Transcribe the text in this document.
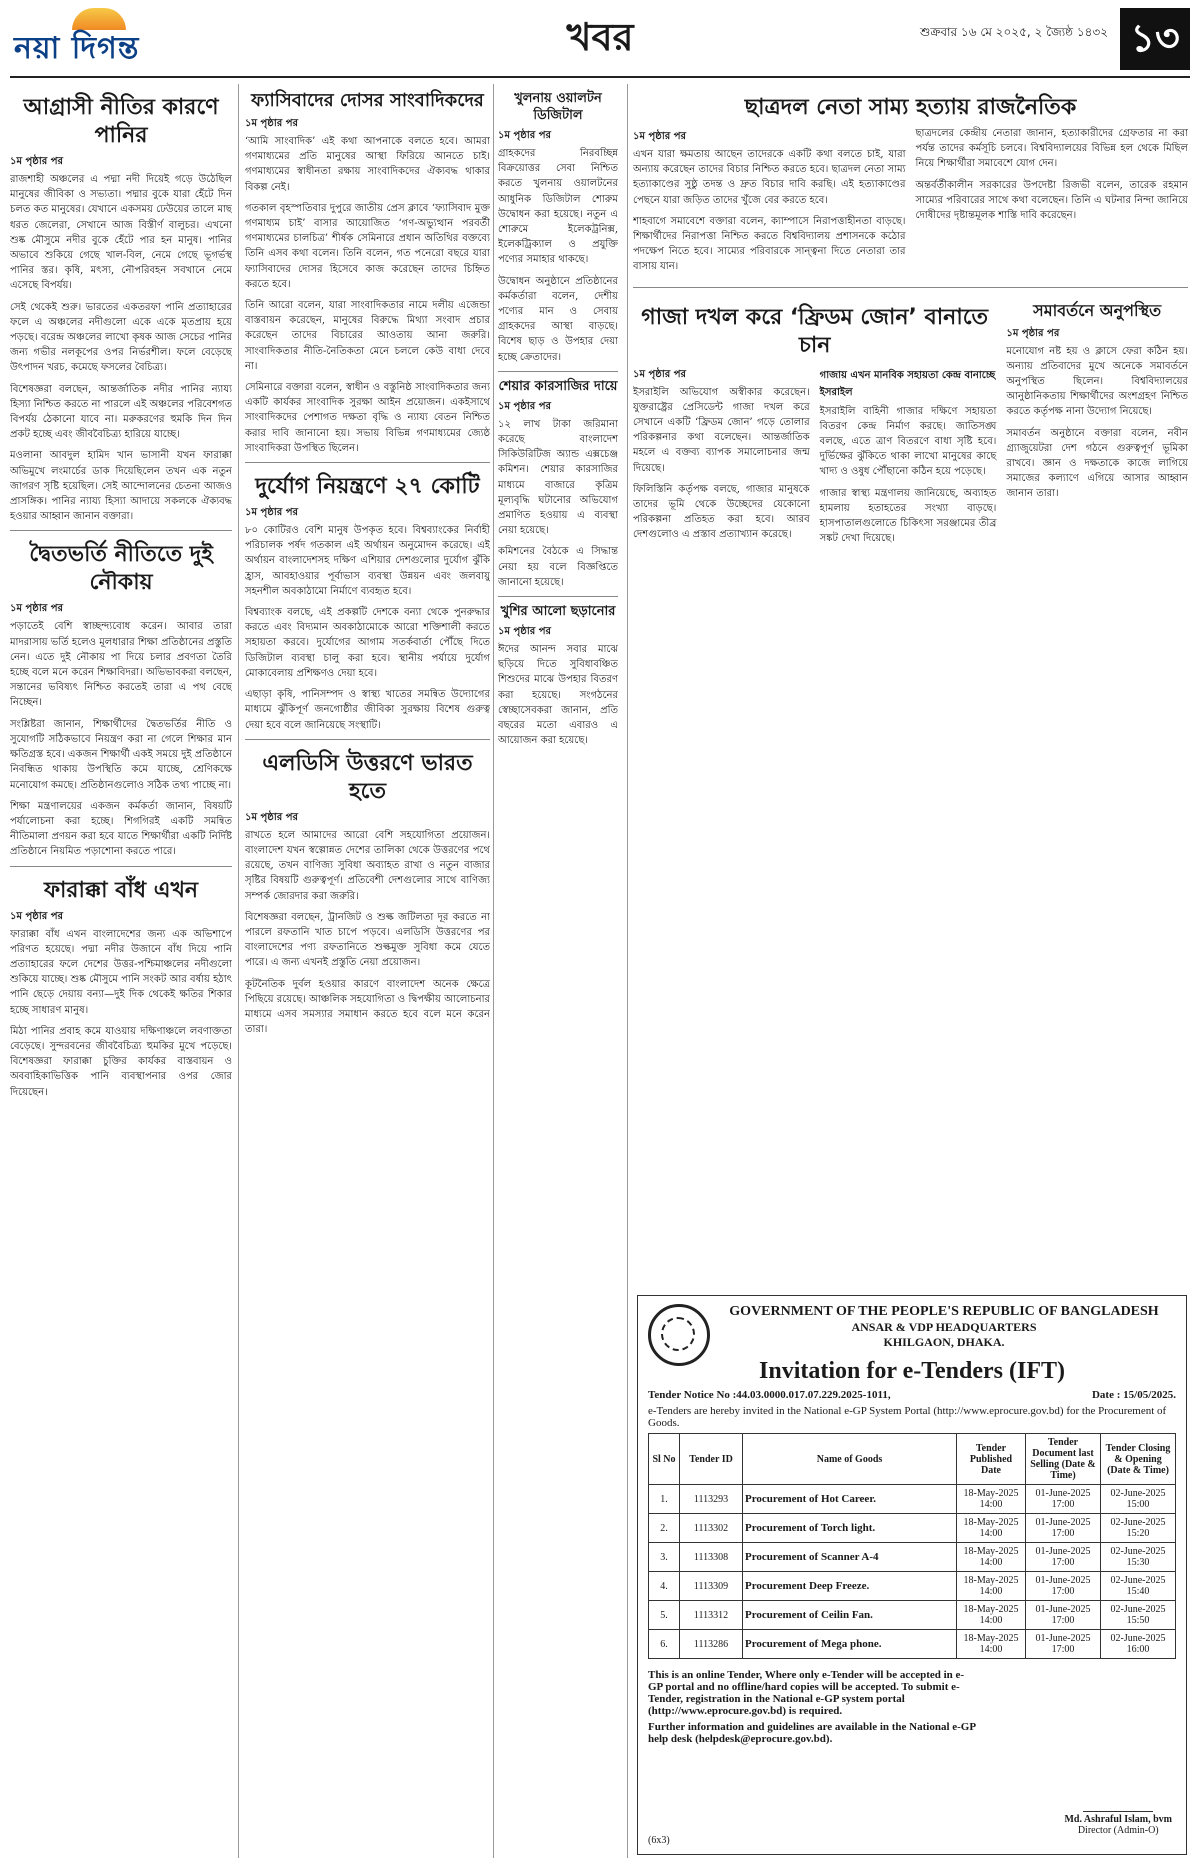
নয়া দিগন্ত	খবর	শুক্রবার ১৬ মে ২০২৫, ২ জ্যৈষ্ঠ ১৪৩২ ১৩
আগ্রাসী নীতির কারণে পানির
১ম পৃষ্ঠার পর

রাজশাহী অঞ্চলের এ পদ্মা নদী দিয়েই গড়ে উঠেছিল মানুষের জীবিকা ও সভ্যতা। পদ্মার বুকে যারা হেঁটে দিন চলত কত মানুষের। যেখানে একসময় ঢেউয়ের তালে মাছ ধরত জেলেরা, সেখানে আজ বিস্তীর্ণ বালুচর। এখনো শুষ্ক মৌসুমে নদীর বুকে হেঁটে পার হন মানুষ। পানির অভাবে শুকিয়ে গেছে খাল-বিল, নেমে গেছে ভূগর্ভস্থ পানির স্তর। কৃষি, মৎস্য, নৌপরিবহন সবখানে নেমে এসেছে বিপর্যয়।

সেই থেকেই শুরু। ভারতের একতরফা পানি প্রত্যাহারের ফলে এ অঞ্চলের নদীগুলো একে একে মৃতপ্রায় হয়ে পড়ছে। বরেন্দ্র অঞ্চলের লাখো কৃষক আজ সেচের পানির জন্য গভীর নলকূপের ওপর নির্ভরশীল। ফলে বেড়েছে উৎপাদন খরচ, কমেছে ফসলের বৈচিত্র্য।

বিশেষজ্ঞরা বলছেন, আন্তর্জাতিক নদীর পানির ন্যায্য হিস্যা নিশ্চিত করতে না পারলে এই অঞ্চলের পরিবেশগত বিপর্যয় ঠেকানো যাবে না। মরুকরণের হুমকি দিন দিন প্রকট হচ্ছে এবং জীববৈচিত্র্য হারিয়ে যাচ্ছে।

মওলানা আবদুল হামিদ খান ভাসানী যখন ফারাক্কা অভিমুখে লংমার্চের ডাক দিয়েছিলেন তখন এক নতুন জাগরণ সৃষ্টি হয়েছিল। সেই আন্দোলনের চেতনা আজও প্রাসঙ্গিক। পানির ন্যায্য হিস্যা আদায়ে সকলকে ঐক্যবদ্ধ হওয়ার আহ্বান জানান বক্তারা।

দ্বৈতভর্তি নীতিতে দুই নৌকায়
১ম পৃষ্ঠার পর

পড়াতেই বেশি স্বাচ্ছন্দ্যবোধ করেন। আবার তারা মাদরাসায় ভর্তি হলেও মূলধারার শিক্ষা প্রতিষ্ঠানের প্রস্তুতি নেন। এতে দুই নৌকায় পা দিয়ে চলার প্রবণতা তৈরি হচ্ছে বলে মনে করেন শিক্ষাবিদরা। অভিভাবকরা বলছেন, সন্তানের ভবিষ্যৎ নিশ্চিত করতেই তারা এ পথ বেছে নিচ্ছেন।

সংশ্লিষ্টরা জানান, শিক্ষার্থীদের দ্বৈতভর্তির নীতি ও সুযোগটি সঠিকভাবে নিয়ন্ত্রণ করা না গেলে শিক্ষার মান ক্ষতিগ্রস্ত হবে। একজন শিক্ষার্থী একই সময়ে দুই প্রতিষ্ঠানে নিবন্ধিত থাকায় উপস্থিতি কমে যাচ্ছে, শ্রেণিকক্ষে মনোযোগ কমছে। প্রতিষ্ঠানগুলোও সঠিক তথ্য পাচ্ছে না।

শিক্ষা মন্ত্রণালয়ের একজন কর্মকর্তা জানান, বিষয়টি পর্যালোচনা করা হচ্ছে। শিগগিরই একটি সমন্বিত নীতিমালা প্রণয়ন করা হবে যাতে শিক্ষার্থীরা একটি নির্দিষ্ট প্রতিষ্ঠানে নিয়মিত পড়াশোনা করতে পারে।

ফারাক্কা বাঁধ এখন
১ম পৃষ্ঠার পর

ফারাক্কা বাঁধ এখন বাংলাদেশের জন্য এক অভিশাপে পরিণত হয়েছে। পদ্মা নদীর উজানে বাঁধ দিয়ে পানি প্রত্যাহারের ফলে দেশের উত্তর-পশ্চিমাঞ্চলের নদীগুলো শুকিয়ে যাচ্ছে। শুষ্ক মৌসুমে পানি সংকট আর বর্ষায় হঠাৎ পানি ছেড়ে দেয়ায় বন্যা—দুই দিক থেকেই ক্ষতির শিকার হচ্ছে সাধারণ মানুষ।

মিঠা পানির প্রবাহ কমে যাওয়ায় দক্ষিণাঞ্চলে লবণাক্ততা বেড়েছে। সুন্দরবনের জীববৈচিত্র্য হুমকির মুখে পড়েছে। বিশেষজ্ঞরা ফারাক্কা চুক্তির কার্যকর বাস্তবায়ন ও অববাহিকাভিত্তিক পানি ব্যবস্থাপনার ওপর জোর দিয়েছেন।

ফ্যাসিবাদের দোসর সাংবাদিকদের
১ম পৃষ্ঠার পর

‘আমি সাংবাদিক’ এই কথা আপনাকে বলতে হবে। আমরা গণমাধ্যমের প্রতি মানুষের আস্থা ফিরিয়ে আনতে চাই। গণমাধ্যমের স্বাধীনতা রক্ষায় সাংবাদিকদের ঐক্যবদ্ধ থাকার বিকল্প নেই।

গতকাল বৃহস্পতিবার দুপুরে জাতীয় প্রেস ক্লাবে ‘ফ্যাসিবাদ মুক্ত গণমাধ্যম চাই’ বাসার আয়োজিত ‘গণ-অভ্যুত্থান পরবর্তী গণমাধ্যমের চালচিত্র’ শীর্ষক সেমিনারে প্রধান অতিথির বক্তব্যে তিনি এসব কথা বলেন। তিনি বলেন, গত পনেরো বছরে যারা ফ্যাসিবাদের দোসর হিসেবে কাজ করেছেন তাদের চিহ্নিত করতে হবে।

তিনি আরো বলেন, যারা সাংবাদিকতার নামে দলীয় এজেন্ডা বাস্তবায়ন করেছেন, মানুষের বিরুদ্ধে মিথ্যা সংবাদ প্রচার করেছেন তাদের বিচারের আওতায় আনা জরুরি। সাংবাদিকতার নীতি-নৈতিকতা মেনে চললে কেউ বাধা দেবে না।

সেমিনারে বক্তারা বলেন, স্বাধীন ও বস্তুনিষ্ঠ সাংবাদিকতার জন্য একটি কার্যকর সাংবাদিক সুরক্ষা আইন প্রয়োজন। একইসাথে সাংবাদিকদের পেশাগত দক্ষতা বৃদ্ধি ও ন্যায্য বেতন নিশ্চিত করার দাবি জানানো হয়। সভায় বিভিন্ন গণমাধ্যমের জ্যেষ্ঠ সাংবাদিকরা উপস্থিত ছিলেন।

দুর্যোগ নিয়ন্ত্রণে ২৭ কোটি
১ম পৃষ্ঠার পর

৮০ কোটিরও বেশি মানুষ উপকৃত হবে। বিশ্বব্যাংকের নির্বাহী পরিচালক পর্ষদ গতকাল এই অর্থায়ন অনুমোদন করেছে। এই অর্থায়ন বাংলাদেশসহ দক্ষিণ এশিয়ার দেশগুলোর দুর্যোগ ঝুঁকি হ্রাস, আবহাওয়ার পূর্বাভাস ব্যবস্থা উন্নয়ন এবং জলবায়ু সহনশীল অবকাঠামো নির্মাণে ব্যবহৃত হবে।

বিশ্বব্যাংক বলছে, এই প্রকল্পটি দেশকে বন্যা থেকে পুনরুদ্ধার করতে এবং বিদ্যমান অবকাঠামোকে আরো শক্তিশালী করতে সহায়তা করবে। দুর্যোগের আগাম সতর্কবার্তা পৌঁছে দিতে ডিজিটাল ব্যবস্থা চালু করা হবে। স্থানীয় পর্যায়ে দুর্যোগ মোকাবেলায় প্রশিক্ষণও দেয়া হবে।

এছাড়া কৃষি, পানিসম্পদ ও স্বাস্থ্য খাতের সমন্বিত উদ্যোগের মাধ্যমে ঝুঁকিপূর্ণ জনগোষ্ঠীর জীবিকা সুরক্ষায় বিশেষ গুরুত্ব দেয়া হবে বলে জানিয়েছে সংস্থাটি।

এলডিসি উত্তরণে ভারত হতে
১ম পৃষ্ঠার পর

রাখতে হলে আমাদের আরো বেশি সহযোগিতা প্রয়োজন। বাংলাদেশ যখন স্বল্পোন্নত দেশের তালিকা থেকে উত্তরণের পথে রয়েছে, তখন বাণিজ্য সুবিধা অব্যাহত রাখা ও নতুন বাজার সৃষ্টির বিষয়টি গুরুত্বপূর্ণ। প্রতিবেশী দেশগুলোর সাথে বাণিজ্য সম্পর্ক জোরদার করা জরুরি।

বিশেষজ্ঞরা বলছেন, ট্রানজিট ও শুল্ক জটিলতা দূর করতে না পারলে রফতানি খাত চাপে পড়বে। এলডিসি উত্তরণের পর বাংলাদেশের পণ্য রফতানিতে শুল্কমুক্ত সুবিধা কমে যেতে পারে। এ জন্য এখনই প্রস্তুতি নেয়া প্রয়োজন।

কূটনৈতিক দুর্বল হওয়ার কারণে বাংলাদেশ অনেক ক্ষেত্রে পিছিয়ে রয়েছে। আঞ্চলিক সহযোগিতা ও দ্বিপক্ষীয় আলোচনার মাধ্যমে এসব সমস্যার সমাধান করতে হবে বলে মনে করেন তারা।

খুলনায় ওয়ালটন ডিজিটাল
১ম পৃষ্ঠার পর

গ্রাহকদের নিরবচ্ছিন্ন বিক্রয়োত্তর সেবা নিশ্চিত করতে খুলনায় ওয়ালটনের আধুনিক ডিজিটাল শোরুম উদ্বোধন করা হয়েছে। নতুন এ শোরুমে ইলেকট্রনিক্স, ইলেকট্রিক্যাল ও প্রযুক্তি পণ্যের সমাহার থাকছে।

উদ্বোধন অনুষ্ঠানে প্রতিষ্ঠানের কর্মকর্তারা বলেন, দেশীয় পণ্যের মান ও সেবায় গ্রাহকদের আস্থা বাড়ছে। বিশেষ ছাড় ও উপহার দেয়া হচ্ছে ক্রেতাদের।

শেয়ার কারসাজির দায়ে
১ম পৃষ্ঠার পর

১২ লাখ টাকা জরিমানা করেছে বাংলাদেশ সিকিউরিটিজ অ্যান্ড এক্সচেঞ্জ কমিশন। শেয়ার কারসাজির মাধ্যমে বাজারে কৃত্রিম মূল্যবৃদ্ধি ঘটানোর অভিযোগ প্রমাণিত হওয়ায় এ ব্যবস্থা নেয়া হয়েছে।

কমিশনের বৈঠকে এ সিদ্ধান্ত নেয়া হয় বলে বিজ্ঞপ্তিতে জানানো হয়েছে।

খুশির আলো ছড়ানোর
১ম পৃষ্ঠার পর

ঈদের আনন্দ সবার মাঝে ছড়িয়ে দিতে সুবিধাবঞ্চিত শিশুদের মাঝে উপহার বিতরণ করা হয়েছে। সংগঠনের স্বেচ্ছাসেবকরা জানান, প্রতি বছরের মতো এবারও এ আয়োজন করা হয়েছে।

ছাত্রদল নেতা সাম্য হত্যায় রাজনৈতিক
১ম পৃষ্ঠার পর

এখন যারা ক্ষমতায় আছেন তাদেরকে একটি কথা বলতে চাই, যারা অন্যায় করেছেন তাদের বিচার নিশ্চিত করতে হবে। ছাত্রদল নেতা সাম্য হত্যাকাণ্ডের সুষ্ঠু তদন্ত ও দ্রুত বিচার দাবি করছি। এই হত্যাকাণ্ডের পেছনে যারা জড়িত তাদের খুঁজে বের করতে হবে।

শাহবাগে সমাবেশে বক্তারা বলেন, ক্যাম্পাসে নিরাপত্তাহীনতা বাড়ছে। শিক্ষার্থীদের নিরাপত্তা নিশ্চিত করতে বিশ্ববিদ্যালয় প্রশাসনকে কঠোর পদক্ষেপ নিতে হবে। সাম্যের পরিবারকে সান্ত্বনা দিতে নেতারা তার বাসায় যান।

ছাত্রদলের কেন্দ্রীয় নেতারা জানান, হত্যাকারীদের গ্রেফতার না করা পর্যন্ত তাদের কর্মসূচি চলবে। বিশ্ববিদ্যালয়ের বিভিন্ন হল থেকে মিছিল নিয়ে শিক্ষার্থীরা সমাবেশে যোগ দেন।

অন্তর্বর্তীকালীন সরকারের উপদেষ্টা রিজভী বলেন, তারেক রহমান সাম্যের পরিবারের সাথে কথা বলেছেন। তিনি এ ঘটনার নিন্দা জানিয়ে দোষীদের দৃষ্টান্তমূলক শাস্তি দাবি করেছেন।

গাজা দখল করে ‘ফ্রিডম জোন’ বানাতে চান
১ম পৃষ্ঠার পর

ইসরাইলি অভিযোগ অস্বীকার করেছেন। যুক্তরাষ্ট্রের প্রেসিডেন্ট গাজা দখল করে সেখানে একটি ‘ফ্রিডম জোন’ গড়ে তোলার পরিকল্পনার কথা বলেছেন। আন্তর্জাতিক মহলে এ বক্তব্য ব্যাপক সমালোচনার জন্ম দিয়েছে।

ফিলিস্তিনি কর্তৃপক্ষ বলছে, গাজার মানুষকে তাদের ভূমি থেকে উচ্ছেদের যেকোনো পরিকল্পনা প্রতিহত করা হবে। আরব দেশগুলোও এ প্রস্তাব প্রত্যাখ্যান করেছে।

গাজায় এখন মানবিক সহায়তা কেন্দ্র বানাচ্ছে ইসরাইল

ইসরাইলি বাহিনী গাজার দক্ষিণে সহায়তা বিতরণ কেন্দ্র নির্মাণ করছে। জাতিসঙ্ঘ বলছে, এতে ত্রাণ বিতরণে বাধা সৃষ্টি হবে। দুর্ভিক্ষের ঝুঁকিতে থাকা লাখো মানুষের কাছে খাদ্য ও ওষুধ পৌঁছানো কঠিন হয়ে পড়েছে।

গাজার স্বাস্থ্য মন্ত্রণালয় জানিয়েছে, অব্যাহত হামলায় হতাহতের সংখ্যা বাড়ছে। হাসপাতালগুলোতে চিকিৎসা সরঞ্জামের তীব্র সঙ্কট দেখা দিয়েছে।

সমাবর্তনে অনুপস্থিত
১ম পৃষ্ঠার পর

মনোযোগ নষ্ট হয় ও ক্লাসে ফেরা কঠিন হয়। অন্যায় প্রতিবাদের মুখে অনেকে সমাবর্তনে অনুপস্থিত ছিলেন। বিশ্ববিদ্যালয়ের আনুষ্ঠানিকতায় শিক্ষার্থীদের অংশগ্রহণ নিশ্চিত করতে কর্তৃপক্ষ নানা উদ্যোগ নিয়েছে।

সমাবর্তন অনুষ্ঠানে বক্তারা বলেন, নবীন গ্র্যাজুয়েটরা দেশ গঠনে গুরুত্বপূর্ণ ভূমিকা রাখবে। জ্ঞান ও দক্ষতাকে কাজে লাগিয়ে সমাজের কল্যাণে এগিয়ে আসার আহ্বান জানান তারা।

GOVERNMENT OF THE PEOPLE'S REPUBLIC OF BANGLADESH
ANSAR & VDP HEADQUARTERS
KHILGAON, DHAKA.
Invitation for e-Tenders (IFT)
Tender Notice No :44.03.0000.017.07.229.2025-1011,	Date : 15/05/2025.

e-Tenders are hereby invited in the National e-GP System Portal (http://www.eprocure.gov.bd) for the Procurement of Goods.

Sl No	Tender ID	Name of Goods	Tender Published Date	Tender Document last Selling (Date & Time)	Tender Closing & Opening (Date & Time)
1.	1113293	Procurement of Hot Career.	18-May-2025 14:00	01-June-2025 17:00	02-June-2025 15:00
2.	1113302	Procurement of Torch light.	18-May-2025 14:00	01-June-2025 17:00	02-June-2025 15:20
3.	1113308	Procurement of Scanner A-4	18-May-2025 14:00	01-June-2025 17:00	02-June-2025 15:30
4.	1113309	Procurement Deep Freeze.	18-May-2025 14:00	01-June-2025 17:00	02-June-2025 15:40
5.	1113312	Procurement of Ceilin Fan.	18-May-2025 14:00	01-June-2025 17:00	02-June-2025 15:50
6.	1113286	Procurement of Mega phone.	18-May-2025 14:00	01-June-2025 17:00	02-June-2025 16:00

This is an online Tender, Where only e-Tender will be accepted in e-GP portal and no offline/hard copies will be accepted. To submit e-Tender, registration in the National e-GP system portal (http://www.eprocure.gov.bd) is required.

Further information and guidelines are available in the National e-GP help desk (helpdesk@eprocure.gov.bd).

Md. Ashraful Islam, bvm
Director (Admin-O)
(6x3)
